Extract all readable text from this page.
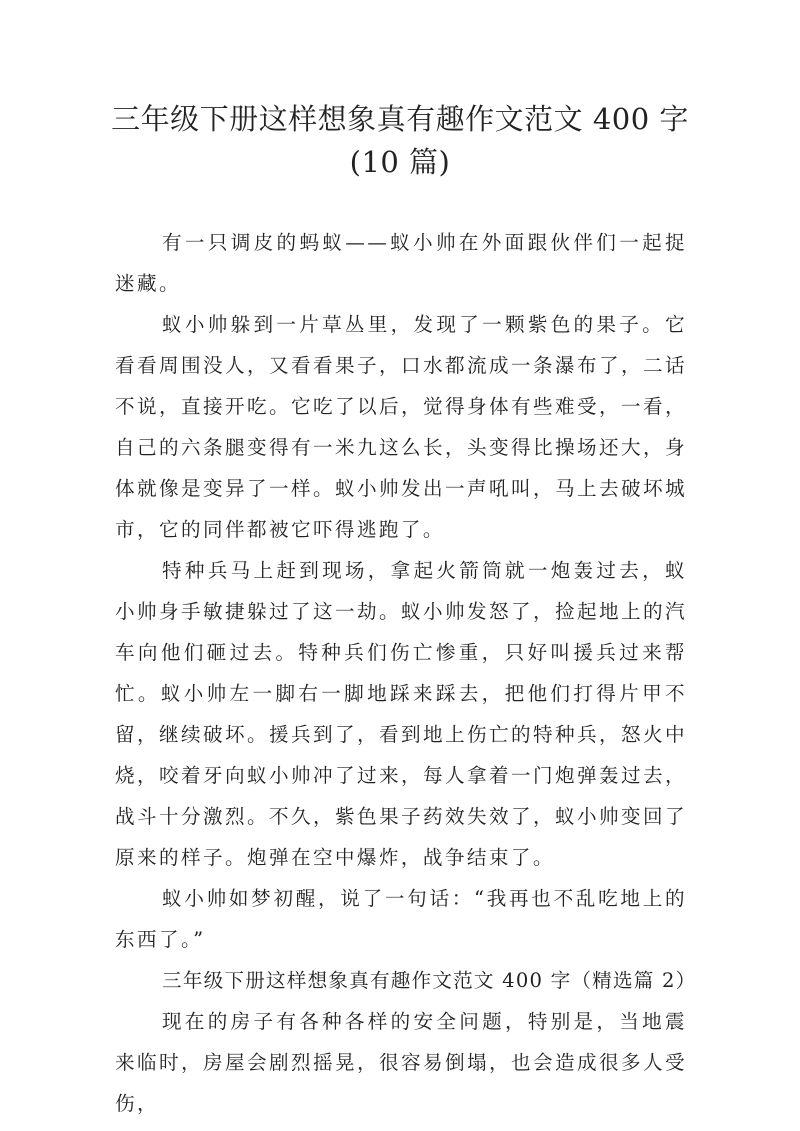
三年级下册这样想象真有趣作文范文 400 字
(10 篇)

有一只调皮的蚂蚁——蚁小帅在外面跟伙伴们一起捉迷藏。

蚁小帅躲到一片草丛里，发现了一颗紫色的果子。它看看周围没人，又看看果子，口水都流成一条瀑布了，二话不说，直接开吃。它吃了以后，觉得身体有些难受，一看，自己的六条腿变得有一米九这么长，头变得比操场还大，身体就像是变异了一样。蚁小帅发出一声吼叫，马上去破坏城市，它的同伴都被它吓得逃跑了。

特种兵马上赶到现场，拿起火箭筒就一炮轰过去，蚁小帅身手敏捷躲过了这一劫。蚁小帅发怒了，捡起地上的汽车向他们砸过去。特种兵们伤亡惨重，只好叫援兵过来帮忙。蚁小帅左一脚右一脚地踩来踩去，把他们打得片甲不留，继续破坏。援兵到了，看到地上伤亡的特种兵，怒火中烧，咬着牙向蚁小帅冲了过来，每人拿着一门炮弹轰过去，战斗十分激烈。不久，紫色果子药效失效了，蚁小帅变回了原来的样子。炮弹在空中爆炸，战争结束了。

蚁小帅如梦初醒，说了一句话：“我再也不乱吃地上的东西了。”

三年级下册这样想象真有趣作文范文 400 字（精选篇 2）

现在的房子有各种各样的安全问题，特别是，当地震来临时，房屋会剧烈摇晃，很容易倒塌，也会造成很多人受伤，
